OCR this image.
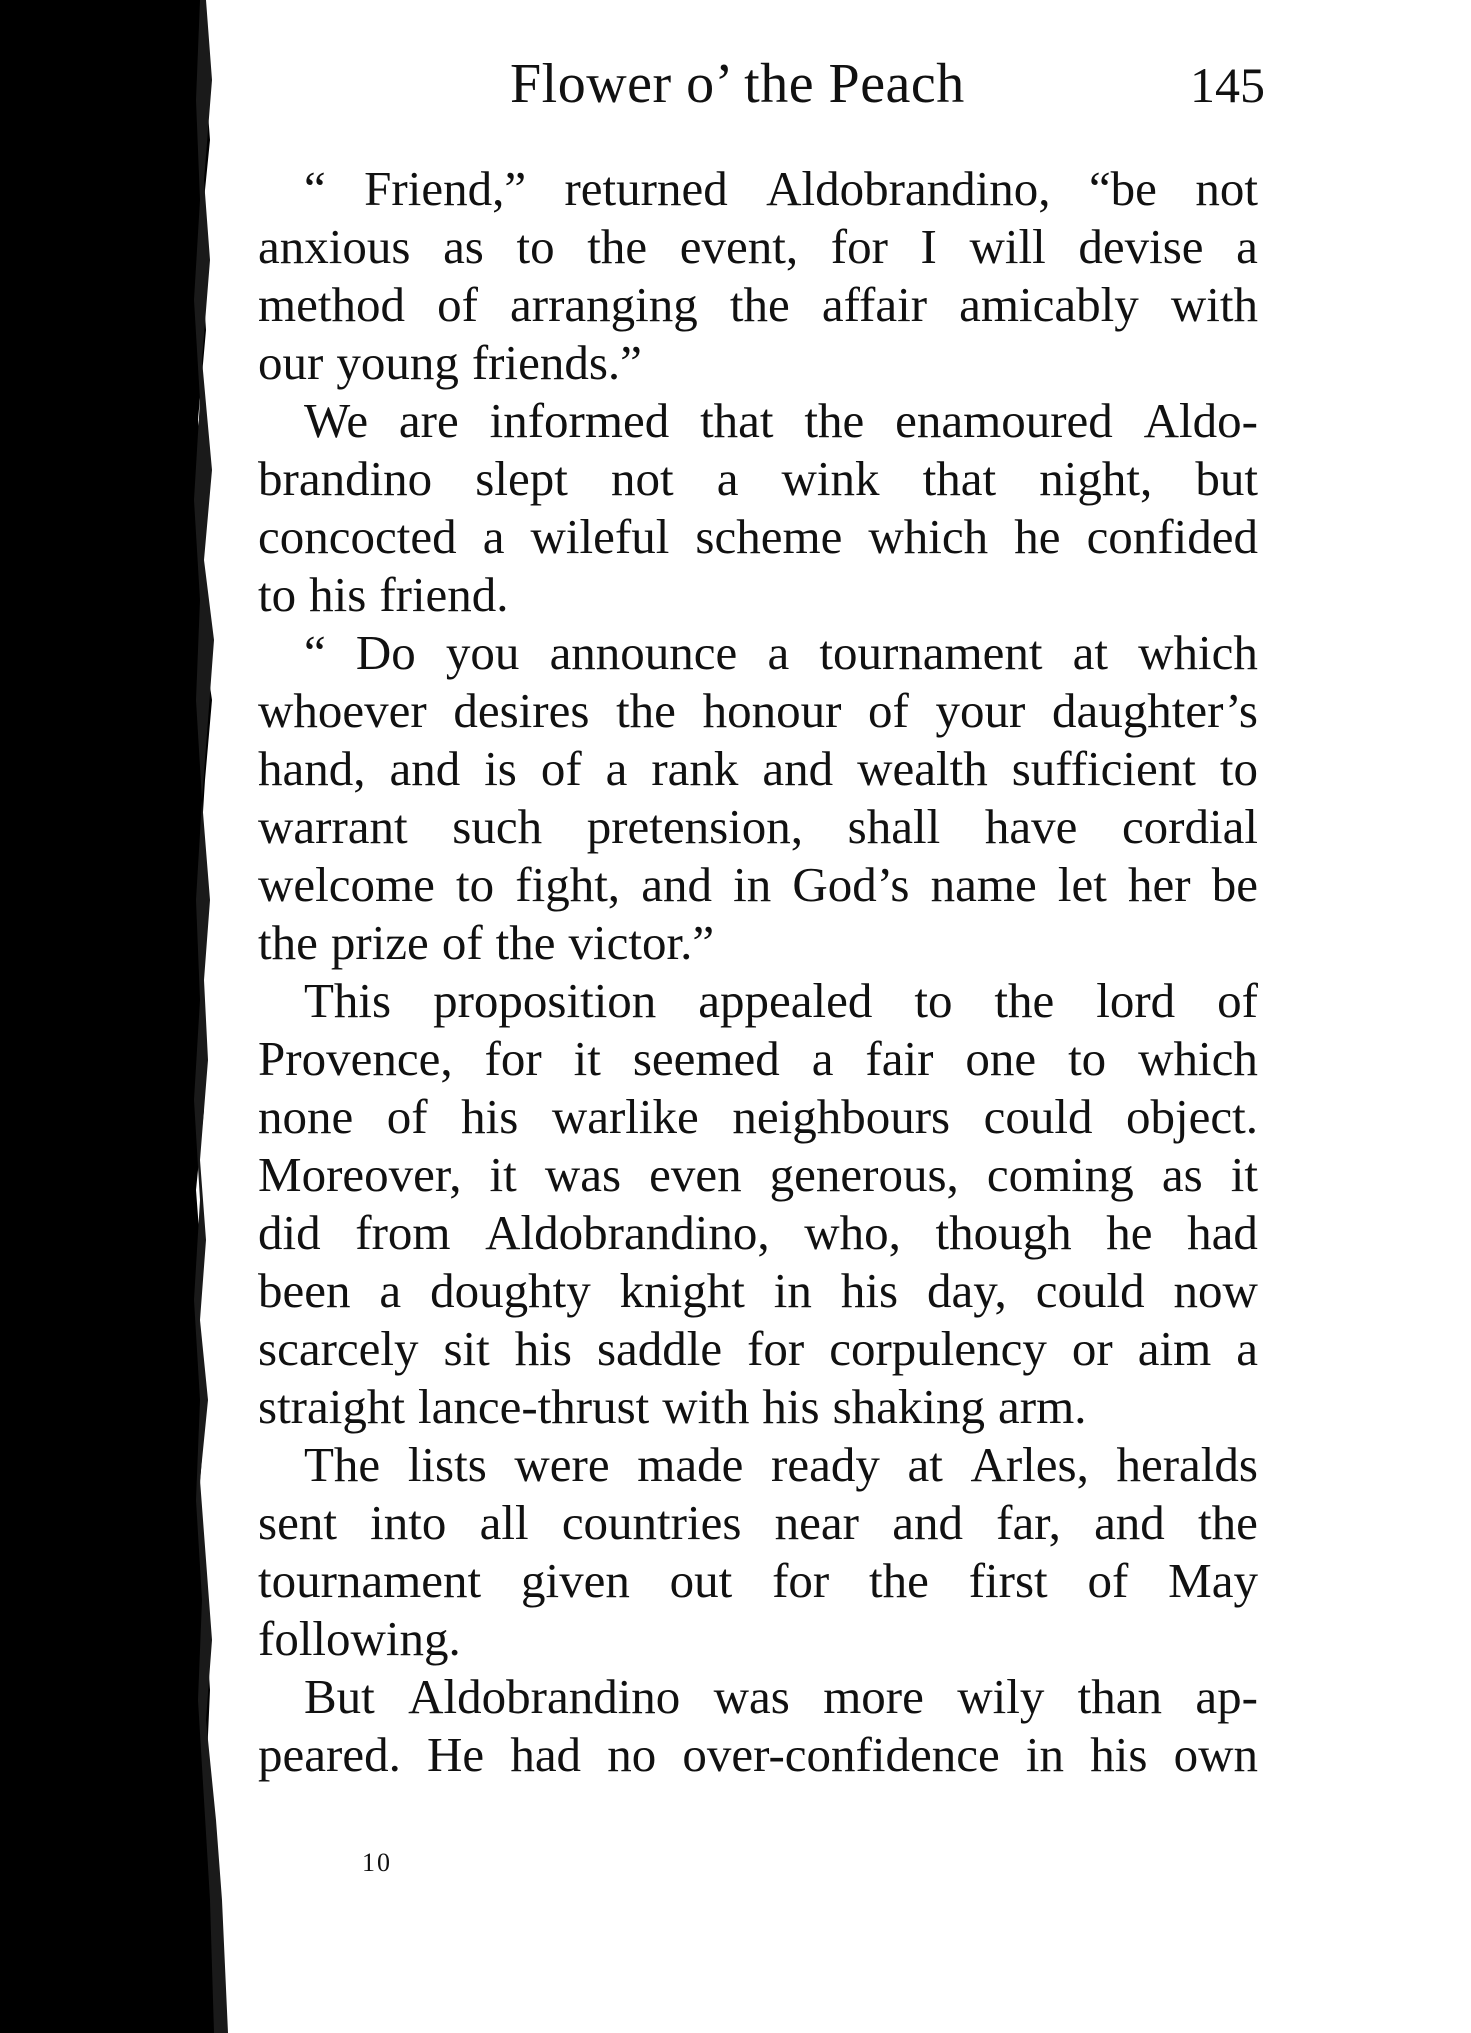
Flower o’ the Peach	145
“ Friend,” returned Aldobrandino, “be not
anxious as to the event, for I will devise a
method of arranging the affair amicably with
our young friends.”
We are informed that the enamoured Aldo-
brandino slept not a wink that night, but
concocted a wileful scheme which he confided
to his friend.
“ Do you announce a tournament at which
whoever desires the honour of your daughter’s
hand, and is of a rank and wealth sufficient to
warrant such pretension, shall have cordial
welcome to fight, and in God’s name let her be
the prize of the victor.”
This proposition appealed to the lord of
Provence, for it seemed a fair one to which
none of his warlike neighbours could object.
Moreover, it was even generous, coming as it
did from Aldobrandino, who, though he had
been a doughty knight in his day, could now
scarcely sit his saddle for corpulency or aim a
straight lance-thrust with his shaking arm.
The lists were made ready at Arles, heralds
sent into all countries near and far, and the
tournament given out for the first of May
following.
But Aldobrandino was more wily than ap-
peared. He had no over-confidence in his own
10
